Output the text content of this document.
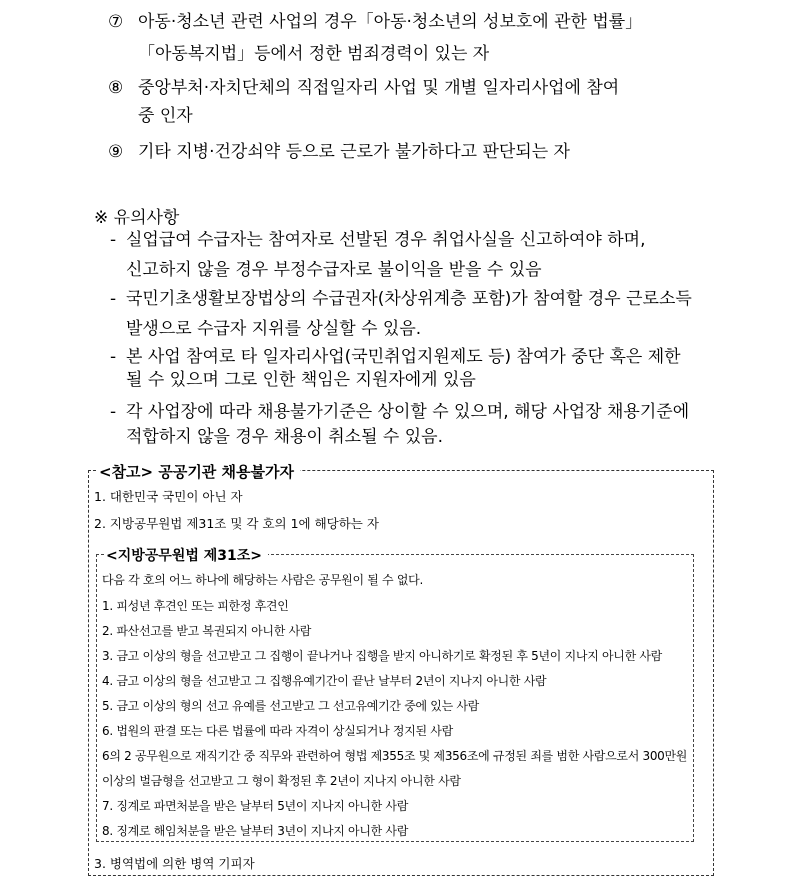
⑦ 아동·청소년 관련 사업의 경우「아동·청소년의 성보호에 관한 법률」
「아동복지법」등에서 정한 범죄경력이 있는 자
⑧ 중앙부처·자치단체의 직접일자리 사업 및 개별 일자리사업에 참여
중 인자
⑨ 기타 지병·건강쇠약 등으로 근로가 불가하다고 판단되는 자
※ 유의사항
- 실업급여 수급자는 참여자로 선발된 경우 취업사실을 신고하여야 하며,
신고하지 않을 경우 부정수급자로 불이익을 받을 수 있음
- 국민기초생활보장법상의 수급권자(차상위계층 포함)가 참여할 경우 근로소득
발생으로 수급자 지위를 상실할 수 있음.
- 본 사업 참여로 타 일자리사업(국민취업지원제도 등) 참여가 중단 혹은 제한
될 수 있으며 그로 인한 책임은 지원자에게 있음
- 각 사업장에 따라 채용불가기준은 상이할 수 있으며, 해당 사업장 채용기준에
적합하지 않을 경우 채용이 취소될 수 있음.
<참고> 공공기관 채용불가자
1. 대한민국 국민이 아닌 자
2. 지방공무원법 제31조 및 각 호의 1에 해당하는 자
<지방공무원법 제31조>
다음 각 호의 어느 하나에 해당하는 사람은 공무원이 될 수 없다.
1. 피성년 후견인 또는 피한정 후견인
2. 파산선고를 받고 복권되지 아니한 사람
3. 금고 이상의 형을 선고받고 그 집행이 끝나거나 집행을 받지 아니하기로 확정된 후 5년이 지나지 아니한 사람
4. 금고 이상의 형을 선고받고 그 집행유예기간이 끝난 날부터 2년이 지나지 아니한 사람
5. 금고 이상의 형의 선고 유예를 선고받고 그 선고유예기간 중에 있는 사람
6. 법원의 판결 또는 다른 법률에 따라 자격이 상실되거나 정지된 사람
6의 2 공무원으로 재직기간 중 직무와 관련하여 형법 제355조 및 제356조에 규정된 죄를 범한 사람으로서 300만원
이상의 벌금형을 선고받고 그 형이 확정된 후 2년이 지나지 아니한 사람
7. 징계로 파면처분을 받은 날부터 5년이 지나지 아니한 사람
8. 징계로 해임처분을 받은 날부터 3년이 지나지 아니한 사람
3. 병역법에 의한 병역 기피자
